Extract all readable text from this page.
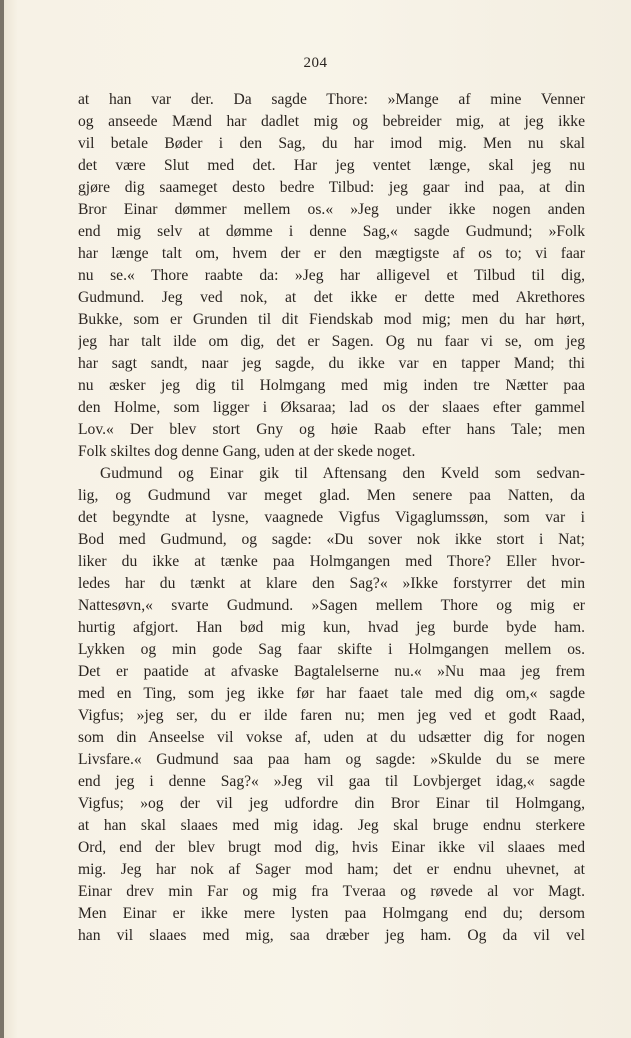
204
at han var der. Da sagde Thore: »Mange af mine Venner
og anseede Mænd har dadlet mig og bebreider mig, at jeg ikke
vil betale Bøder i den Sag, du har imod mig. Men nu skal
det være Slut med det. Har jeg ventet længe, skal jeg nu
gjøre dig saameget desto bedre Tilbud: jeg gaar ind paa, at din
Bror Einar dømmer mellem os.« »Jeg under ikke nogen anden
end mig selv at dømme i denne Sag,« sagde Gudmund; »Folk
har længe talt om, hvem der er den mægtigste af os to; vi faar
nu se.« Thore raabte da: »Jeg har alligevel et Tilbud til dig,
Gudmund. Jeg ved nok, at det ikke er dette med Akrethores
Bukke, som er Grunden til dit Fiendskab mod mig; men du har hørt,
jeg har talt ilde om dig, det er Sagen. Og nu faar vi se, om jeg
har sagt sandt, naar jeg sagde, du ikke var en tapper Mand; thi
nu æsker jeg dig til Holmgang med mig inden tre Nætter paa
den Holme, som ligger i Øksaraa; lad os der slaaes efter gammel
Lov.« Der blev stort Gny og høie Raab efter hans Tale; men
Folk skiltes dog denne Gang, uden at der skede noget.
Gudmund og Einar gik til Aftensang den Kveld som sedvan-
lig, og Gudmund var meget glad. Men senere paa Natten, da
det begyndte at lysne, vaagnede Vigfus Vigaglumssøn, som var i
Bod med Gudmund, og sagde: «Du sover nok ikke stort i Nat;
liker du ikke at tænke paa Holmgangen med Thore? Eller hvor-
ledes har du tænkt at klare den Sag?« »Ikke forstyrrer det min
Nattesøvn,« svarte Gudmund. »Sagen mellem Thore og mig er
hurtig afgjort. Han bød mig kun, hvad jeg burde byde ham.
Lykken og min gode Sag faar skifte i Holmgangen mellem os.
Det er paatide at afvaske Bagtalelserne nu.« »Nu maa jeg frem
med en Ting, som jeg ikke før har faaet tale med dig om,« sagde
Vigfus; »jeg ser, du er ilde faren nu; men jeg ved et godt Raad,
som din Anseelse vil vokse af, uden at du udsætter dig for nogen
Livsfare.« Gudmund saa paa ham og sagde: »Skulde du se mere
end jeg i denne Sag?« »Jeg vil gaa til Lovbjerget idag,« sagde
Vigfus; »og der vil jeg udfordre din Bror Einar til Holmgang,
at han skal slaaes med mig idag. Jeg skal bruge endnu sterkere
Ord, end der blev brugt mod dig, hvis Einar ikke vil slaaes med
mig. Jeg har nok af Sager mod ham; det er endnu uhevnet, at
Einar drev min Far og mig fra Tveraa og røvede al vor Magt.
Men Einar er ikke mere lysten paa Holmgang end du; dersom
han vil slaaes med mig, saa dræber jeg ham. Og da vil vel
